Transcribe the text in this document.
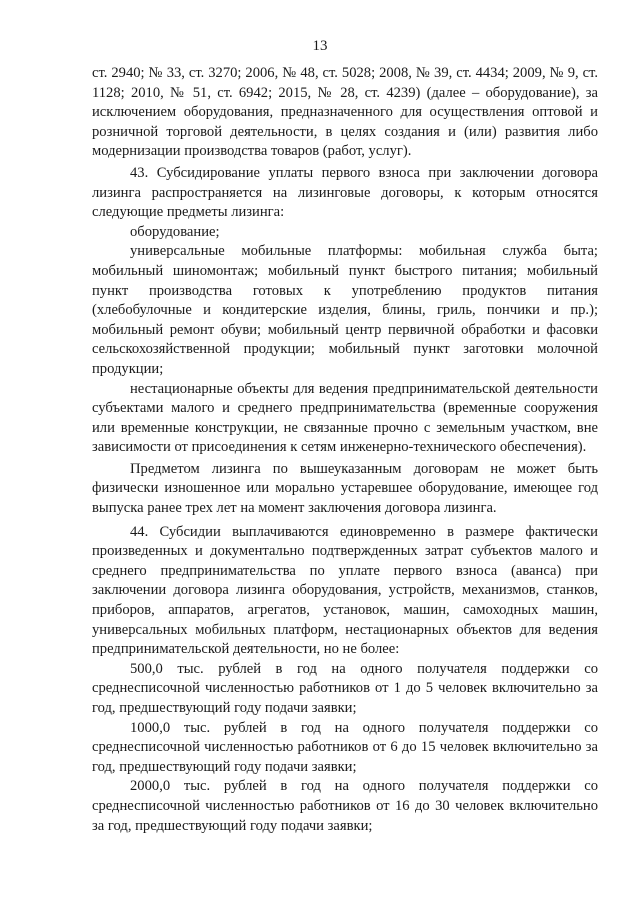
13

ст. 2940; № 33, ст. 3270; 2006, № 48, ст. 5028; 2008, № 39, ст. 4434; 2009, № 9, ст. 1128; 2010, № 51, ст. 6942; 2015, № 28, ст. 4239) (далее – оборудование), за исключением оборудования, предназначенного для осуществления оптовой и розничной торговой деятельности, в целях создания и (или) развития либо модернизации производства товаров (работ, услуг).

43. Субсидирование уплаты первого взноса при заключении договора лизинга распространяется на лизинговые договоры, к которым относятся следующие предметы лизинга:

оборудование;

универсальные мобильные платформы: мобильная служба быта; мобильный шиномонтаж; мобильный пункт быстрого питания; мобильный пункт производства готовых к употреблению продуктов питания (хлебобулочные и кондитерские изделия, блины, гриль, пончики и пр.); мобильный ремонт обуви; мобильный центр первичной обработки и фасовки сельскохозяйственной продукции; мобильный пункт заготовки молочной продукции;

нестационарные объекты для ведения предпринимательской деятельности субъектами малого и среднего предпринимательства (временные сооружения или временные конструкции, не связанные прочно с земельным участком, вне зависимости от присоединения к сетям инженерно-технического обеспечения).

Предметом лизинга по вышеуказанным договорам не может быть физически изношенное или морально устаревшее оборудование, имеющее год выпуска ранее трех лет на момент заключения договора лизинга.

44. Субсидии выплачиваются единовременно в размере фактически произведенных и документально подтвержденных затрат субъектов малого и среднего предпринимательства по уплате первого взноса (аванса) при заключении договора лизинга оборудования, устройств, механизмов, станков, приборов, аппаратов, агрегатов, установок, машин, самоходных машин, универсальных мобильных платформ, нестационарных объектов для ведения предпринимательской деятельности, но не более:

500,0 тыс. рублей в год на одного получателя поддержки со среднесписочной численностью работников от 1 до 5 человек включительно за год, предшествующий году подачи заявки;

1000,0 тыс. рублей в год на одного получателя поддержки со среднесписочной численностью работников от 6 до 15 человек включительно за год, предшествующий году подачи заявки;

2000,0 тыс. рублей в год на одного получателя поддержки со среднесписочной численностью работников от 16 до 30 человек включительно за год, предшествующий году подачи заявки;
